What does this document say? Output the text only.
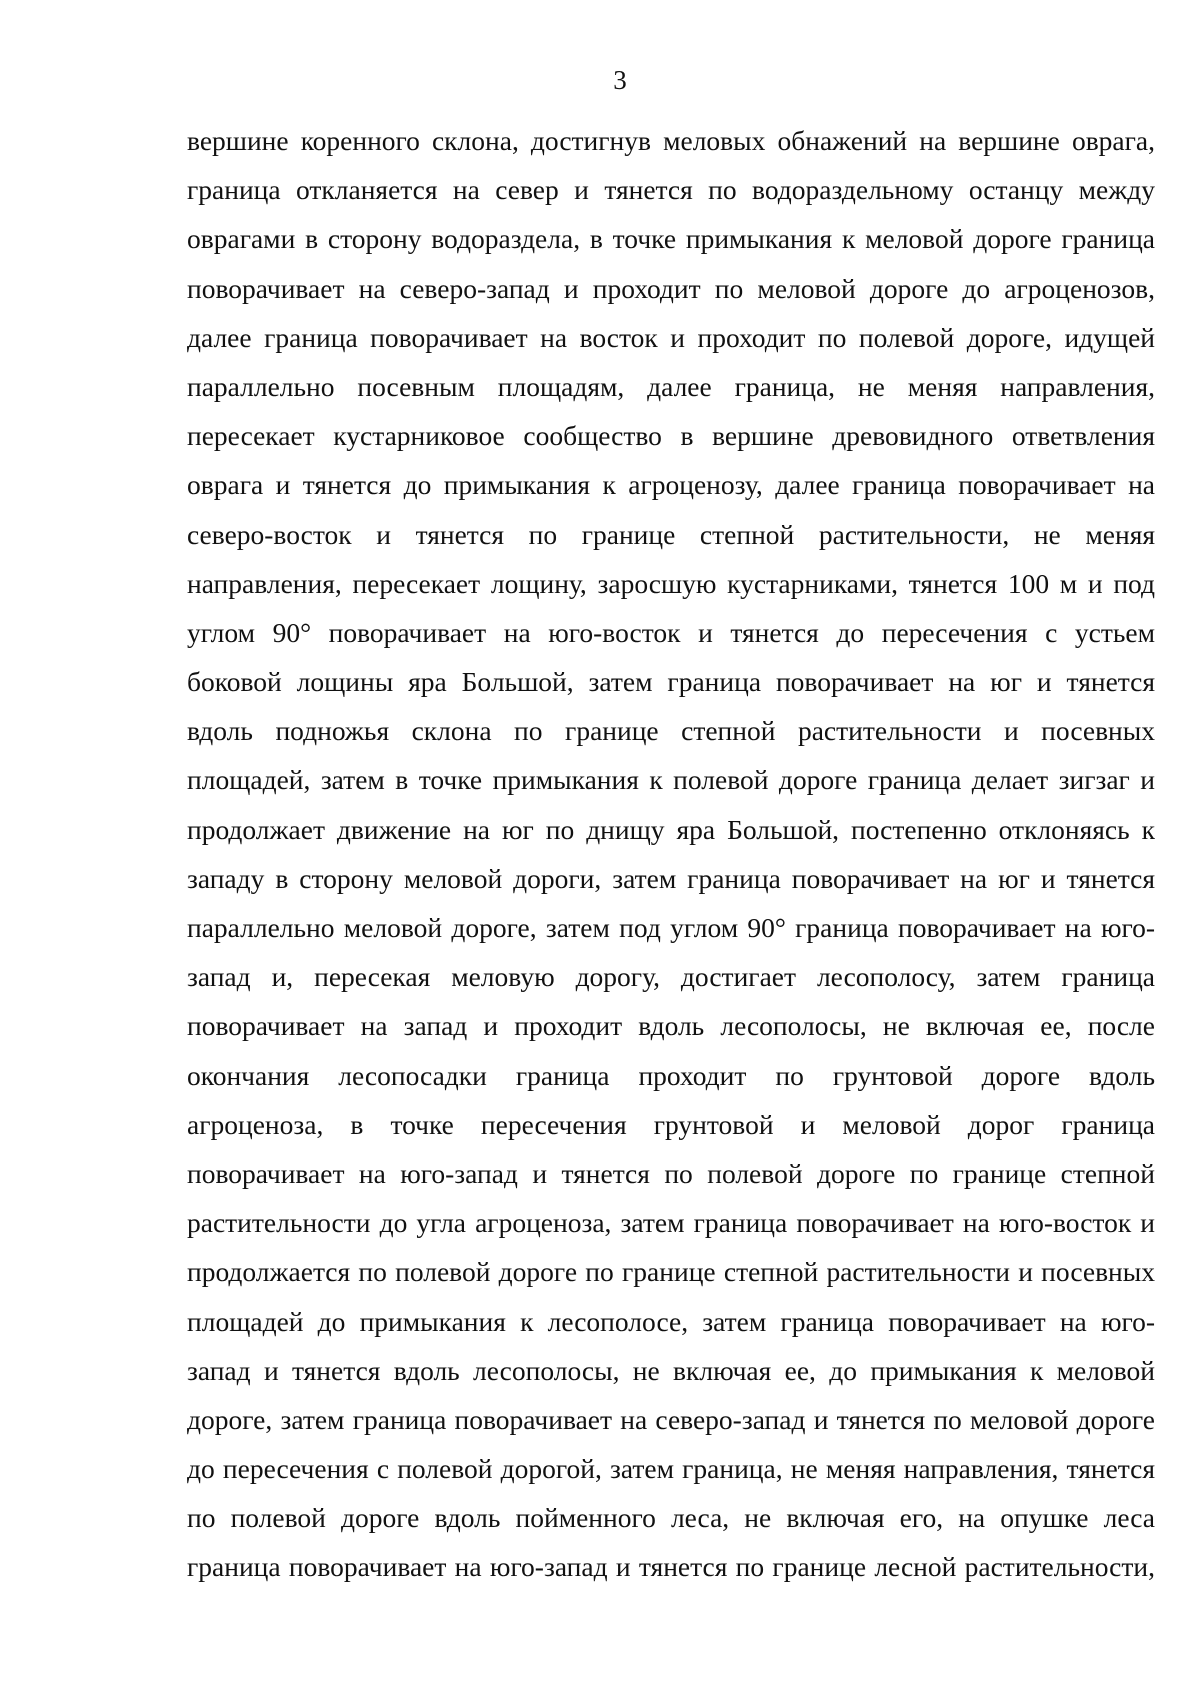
3
вершине коренного склона, достигнув меловых обнажений на вершине оврага,
граница откланяется на север и тянется по водораздельному останцу между
оврагами в сторону водораздела, в точке примыкания к меловой дороге граница
поворачивает на северо-запад и проходит по меловой дороге до агроценозов,
далее граница поворачивает на восток и проходит по полевой дороге, идущей
параллельно посевным площадям, далее граница, не меняя направления,
пересекает кустарниковое сообщество в вершине древовидного ответвления
оврага и тянется до примыкания к агроценозу, далее граница поворачивает на
северо-восток и тянется по границе степной растительности, не меняя
направления, пересекает лощину, заросшую кустарниками, тянется 100 м и под
углом 90° поворачивает на юго-восток и тянется до пересечения с устьем
боковой лощины яра Большой, затем граница поворачивает на юг и тянется
вдоль подножья склона по границе степной растительности и посевных
площадей, затем в точке примыкания к полевой дороге граница делает зигзаг и
продолжает движение на юг по днищу яра Большой, постепенно отклоняясь к
западу в сторону меловой дороги, затем граница поворачивает на юг и тянется
параллельно меловой дороге, затем под углом 90° граница поворачивает на юго-
запад и, пересекая меловую дорогу, достигает лесополосу, затем граница
поворачивает на запад и проходит вдоль лесополосы, не включая ее, после
окончания лесопосадки граница проходит по грунтовой дороге вдоль
агроценоза, в точке пересечения грунтовой и меловой дорог граница
поворачивает на юго-запад и тянется по полевой дороге по границе степной
растительности до угла агроценоза, затем граница поворачивает на юго-восток и
продолжается по полевой дороге по границе степной растительности и посевных
площадей до примыкания к лесополосе, затем граница поворачивает на юго-
запад и тянется вдоль лесополосы, не включая ее, до примыкания к меловой
дороге, затем граница поворачивает на северо-запад и тянется по меловой дороге
до пересечения с полевой дорогой, затем граница, не меняя направления, тянется
по полевой дороге вдоль пойменного леса, не включая его, на опушке леса
граница поворачивает на юго-запад и тянется по границе лесной растительности,
